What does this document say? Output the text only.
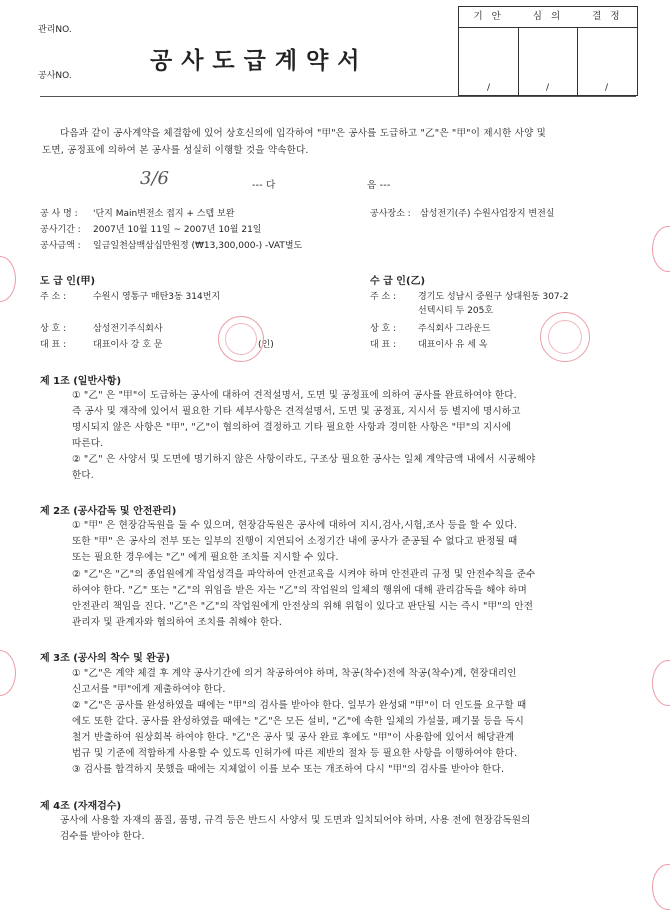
관리NO.
공사NO.
공사도급계약서
기 안	심 의	결 정
/	/	/

다음과 같이 공사계약을 체결함에 있어 상호신의에 입각하여 "甲"은 공사를 도급하고 "乙"은 "甲"이 제시한 사양 및

도면, 공정표에 의하여 본 공사를 성실히 이행할 것을 약속한다.

3/6	--- 다	음 ---
공 사 명 : '단지 Main변전소 접지 + 스텝 보완
공사기간 : 2007년 10월 11일 ~ 2007년 10월 21일
공사금액 : 일금일천삼백삼십만원정 (₩13,300,000-) -VAT별도
공사장소 : 삼성전기(주) 수원사업장지 변전실
도 급 인(甲)
주 소 :	수원시 영통구 매탄3동 314번지
상 호 :	삼성전기주식회사
대 표 :	대표이사 강 호 문	(인)
수 급 인(乙)
주 소 : 경기도 성남시 중원구 상대원동 307-2
선텍시티 두 205호
상 호 : 주식회사 그라운드
대 표 : 대표이사 유 세 옥
제 1조 (일반사항)

① "乙" 은 "甲"이 도급하는 공사에 대하여 견적설명서, 도면 및 공정표에 의하여 공사를 완료하여야 한다.

즉 공사 및 재작에 있어서 필요한 기타 세부사항은 견적설명서, 도면 및 공정표, 지시서 등 별지에 명시하고

명시되지 않은 사항은 "甲", "乙"이 협의하여 결정하고 기타 필요한 사항과 경미한 사항은 "甲"의 지시에

따른다.

② "乙" 은 사양서 및 도면에 명기하지 않은 사항이라도, 구조상 필요한 공사는 일체 계약금액 내에서 시공해야

한다.

제 2조 (공사감독 및 안전관리)

① "甲" 은 현장감독원을 둘 수 있으며, 현장감독원은 공사에 대하여 지시,검사,시험,조사 등을 할 수 있다.

또한 "甲" 은 공사의 전부 또는 일부의 진행이 지연되어 소정기간 내에 공사가 준공될 수 없다고 판정될 때

또는 필요한 경우에는 "乙" 에게 필요한 조치를 지시할 수 있다.

② "乙"은 "乙"의 종업원에게 작업성격을 파악하여 안전교육을 시켜야 하며 안전관리 규정 및 안전수칙을 준수

하여야 한다. "乙" 또는 "乙"의 위임을 받은 자는 "乙"의 작업원의 일체의 행위에 대해 관리감독을 해야 하며

안전관리 책임을 진다. "乙"은 "乙"의 작업원에게 안전상의 위해 위험이 있다고 판단될 시는 즉시 "甲"의 안전

관리자 및 관계자와 협의하여 조치를 취해야 한다.

제 3조 (공사의 착수 및 완공)

① "乙"은 계약 체결 후 계약 공사기간에 의거 착공하여야 하며, 착공(착수)전에 착공(착수)계, 현장대리인

신고서를 "甲"에게 제출하여야 한다.

② "乙"은 공사를 완성하였을 때에는 "甲"의 검사를 받아야 한다. 일부가 완성돼 "甲"이 더 인도를 요구할 때

에도 또한 같다. 공사를 완성하였을 때에는 "乙"은 모든 설비, "乙"에 속한 일체의 가설물, 폐기물 등을 독시

철거 반출하여 원상회복 하여야 한다. "乙"은 공사 및 공사 완료 후에도 "甲"이 사용함에 있어서 해당관계

법규 및 기준에 적합하게 사용할 수 있도록 인허가에 따른 제반의 절차 등 필요한 사항을 이행하여야 한다.

③ 검사를 합격하지 못했을 때에는 지체없이 이를 보수 또는 개조하여 다시 "甲"의 검사를 받아야 한다.

제 4조 (자재검수)

공사에 사용할 자재의 품질, 품명, 규격 등은 반드시 사양서 및 도면과 일치되어야 하며, 사용 전에 현장감독원의

검수를 받아야 한다.
